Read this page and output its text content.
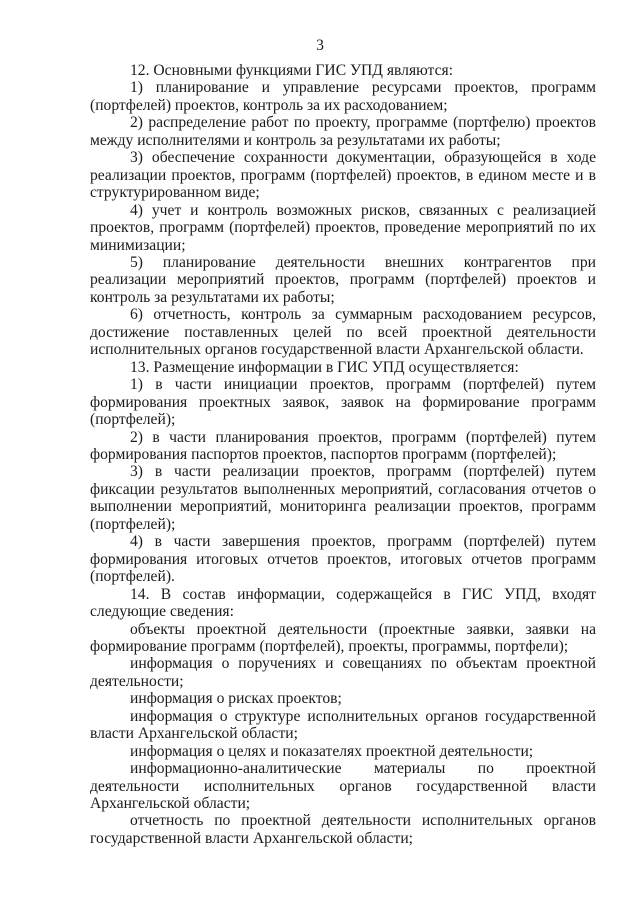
3

12. Основными функциями ГИС УПД являются:

1) планирование и управление ресурсами проектов, программ (портфелей) проектов, контроль за их расходованием;

2) распределение работ по проекту, программе (портфелю) проектов между исполнителями и контроль за результатами их работы;

3) обеспечение сохранности документации, образующейся в ходе реализации проектов, программ (портфелей) проектов, в едином месте и в структурированном виде;

4) учет и контроль возможных рисков, связанных с реализацией проектов, программ (портфелей) проектов, проведение мероприятий по их минимизации;

5) планирование деятельности внешних контрагентов при реализации мероприятий проектов, программ (портфелей) проектов и контроль за результатами их работы;

6) отчетность, контроль за суммарным расходованием ресурсов, достижение поставленных целей по всей проектной деятельности исполнительных органов государственной власти Архангельской области.

13. Размещение информации в ГИС УПД осуществляется:

1) в части инициации проектов, программ (портфелей) путем формирования проектных заявок, заявок на формирование программ (портфелей);

2) в части планирования проектов, программ (портфелей) путем формирования паспортов проектов, паспортов программ (портфелей);

3) в части реализации проектов, программ (портфелей) путем фиксации результатов выполненных мероприятий, согласования отчетов о выполнении мероприятий, мониторинга реализации проектов, программ (портфелей);

4) в части завершения проектов, программ (портфелей) путем формирования итоговых отчетов проектов, итоговых отчетов программ (портфелей).

14. В состав информации, содержащейся в ГИС УПД, входят следующие сведения:

объекты проектной деятельности (проектные заявки, заявки на формирование программ (портфелей), проекты, программы, портфели);

информация о поручениях и совещаниях по объектам проектной деятельности;

информация о рисках проектов;

информация о структуре исполнительных органов государственной власти Архангельской области;

информация о целях и показателях проектной деятельности;

информационно-аналитические материалы по проектной деятельности исполнительных органов государственной власти Архангельской области;

отчетность по проектной деятельности исполнительных органов государственной власти Архангельской области;
